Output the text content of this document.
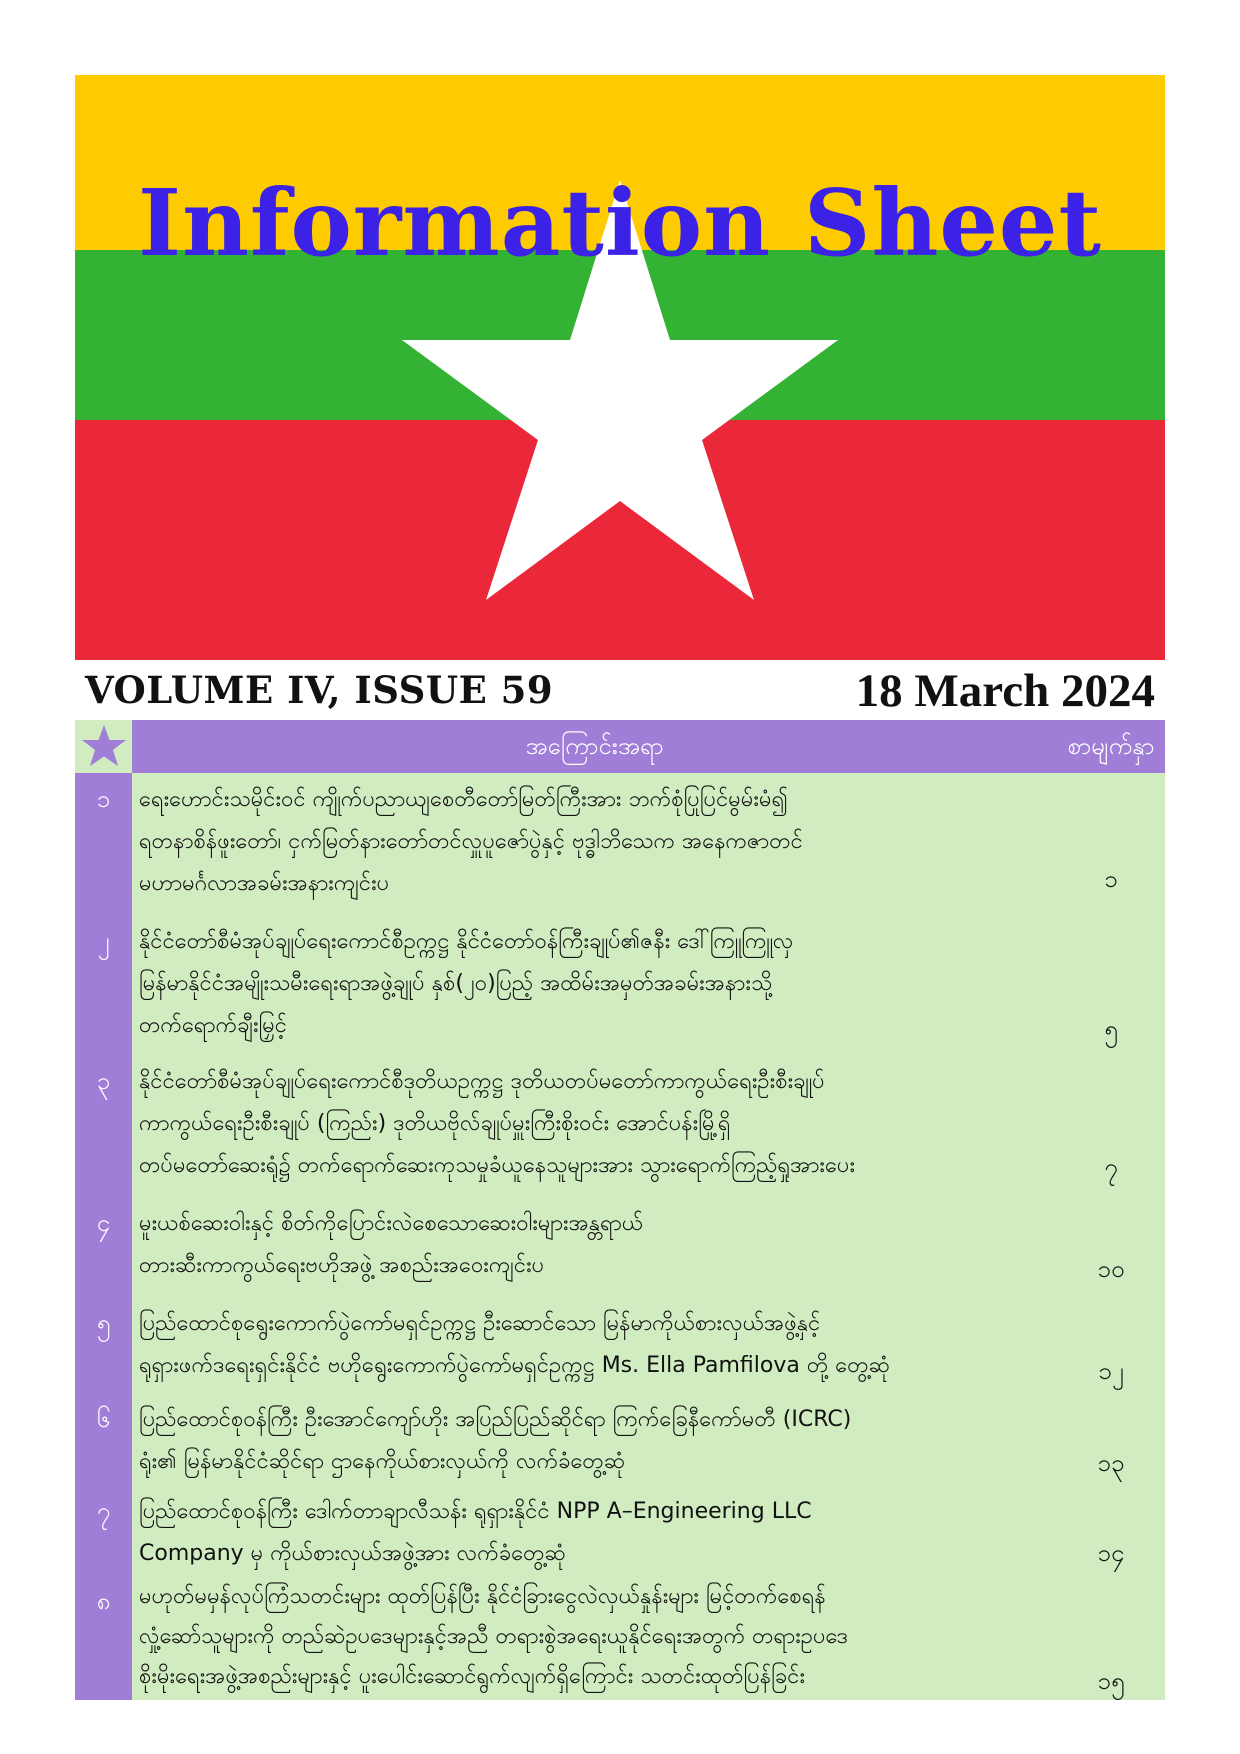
Information Sheet
VOLUME IV, ISSUE 59	18 March 2024
အကြောင်းအရာ	စာမျက်နှာ
၁	ရေးဟောင်းသမိုင်းဝင် ကျိုက်ပညာယျစေတီတော်မြတ်ကြီးအား ဘက်စုံပြုပြင်မွမ်းမံ၍
ရတနာစိန်ဖူးတော်၊ ငှက်မြတ်နားတော်တင်လှူပူဇော်ပွဲနှင့် ဗုဒ္ဓါဘိသေက အနေကဇာတင်
မဟာမင်္ဂလာအခမ်းအနားကျင်းပ	၁
၂	နိုင်ငံတော်စီမံအုပ်ချုပ်ရေးကောင်စီဥက္ကဋ္ဌ နိုင်ငံတော်ဝန်ကြီးချုပ်၏ဇနီး ဒေါ်ကြူကြူလှ
မြန်မာနိုင်ငံအမျိုးသမီးရေးရာအဖွဲ့ချုပ် နှစ်(၂၀)ပြည့် အထိမ်းအမှတ်အခမ်းအနားသို့
တက်ရောက်ချီးမြှင့်	၅
၃	နိုင်ငံတော်စီမံအုပ်ချုပ်ရေးကောင်စီဒုတိယဥက္ကဋ္ဌ ဒုတိယတပ်မတော်ကာကွယ်ရေးဦးစီးချုပ်
ကာကွယ်ရေးဦးစီးချုပ် (ကြည်း) ဒုတိယဗိုလ်ချုပ်မှူးကြီးစိုးဝင်း အောင်ပန်းမြို့ရှိ
တပ်မတော်ဆေးရုံ၌ တက်ရောက်ဆေးကုသမှုခံယူနေသူများအား သွားရောက်ကြည့်ရှုအားပေး	၇
၄	မူးယစ်ဆေးဝါးနှင့် စိတ်ကိုပြောင်းလဲစေသောဆေးဝါးများအန္တရာယ်
တားဆီးကာကွယ်ရေးဗဟိုအဖွဲ့ အစည်းအဝေးကျင်းပ	၁၀
၅	ပြည်ထောင်စုရွေးကောက်ပွဲကော်မရှင်ဥက္ကဋ္ဌ ဦးဆောင်သော မြန်မာကိုယ်စားလှယ်အဖွဲ့နှင့်
ရုရှားဖက်ဒရေးရှင်းနိုင်ငံ ဗဟိုရွေးကောက်ပွဲကော်မရှင်ဥက္ကဋ္ဌ Ms. Ella Pamfilova တို့ တွေ့ဆုံ	၁၂
၆	ပြည်ထောင်စုဝန်ကြီး ဦးအောင်ကျော်ဟိုး အပြည်ပြည်ဆိုင်ရာ ကြက်ခြေနီကော်မတီ (ICRC)
ရုံး၏ မြန်မာနိုင်ငံဆိုင်ရာ ဌာနေကိုယ်စားလှယ်ကို လက်ခံတွေ့ဆုံ	၁၃
၇	ပြည်ထောင်စုဝန်ကြီး ဒေါက်တာချာလီသန်း ရုရှားနိုင်ငံ NPP A–Engineering LLC
Company မှ ကိုယ်စားလှယ်အဖွဲ့အား လက်ခံတွေ့ဆုံ	၁၄
၈	မဟုတ်မမှန်လုပ်ကြံသတင်းများ ထုတ်ပြန်ပြီး နိုင်ငံခြားငွေလဲလှယ်နှုန်းများ မြင့်တက်စေရန်
လှုံ့ဆော်သူများကို တည်ဆဲဥပဒေများနှင့်အညီ တရားစွဲအရေးယူနိုင်ရေးအတွက် တရားဥပဒေ
စိုးမိုးရေးအဖွဲ့အစည်းများနှင့် ပူးပေါင်းဆောင်ရွက်လျက်ရှိကြောင်း သတင်းထုတ်ပြန်ခြင်း	၁၅
